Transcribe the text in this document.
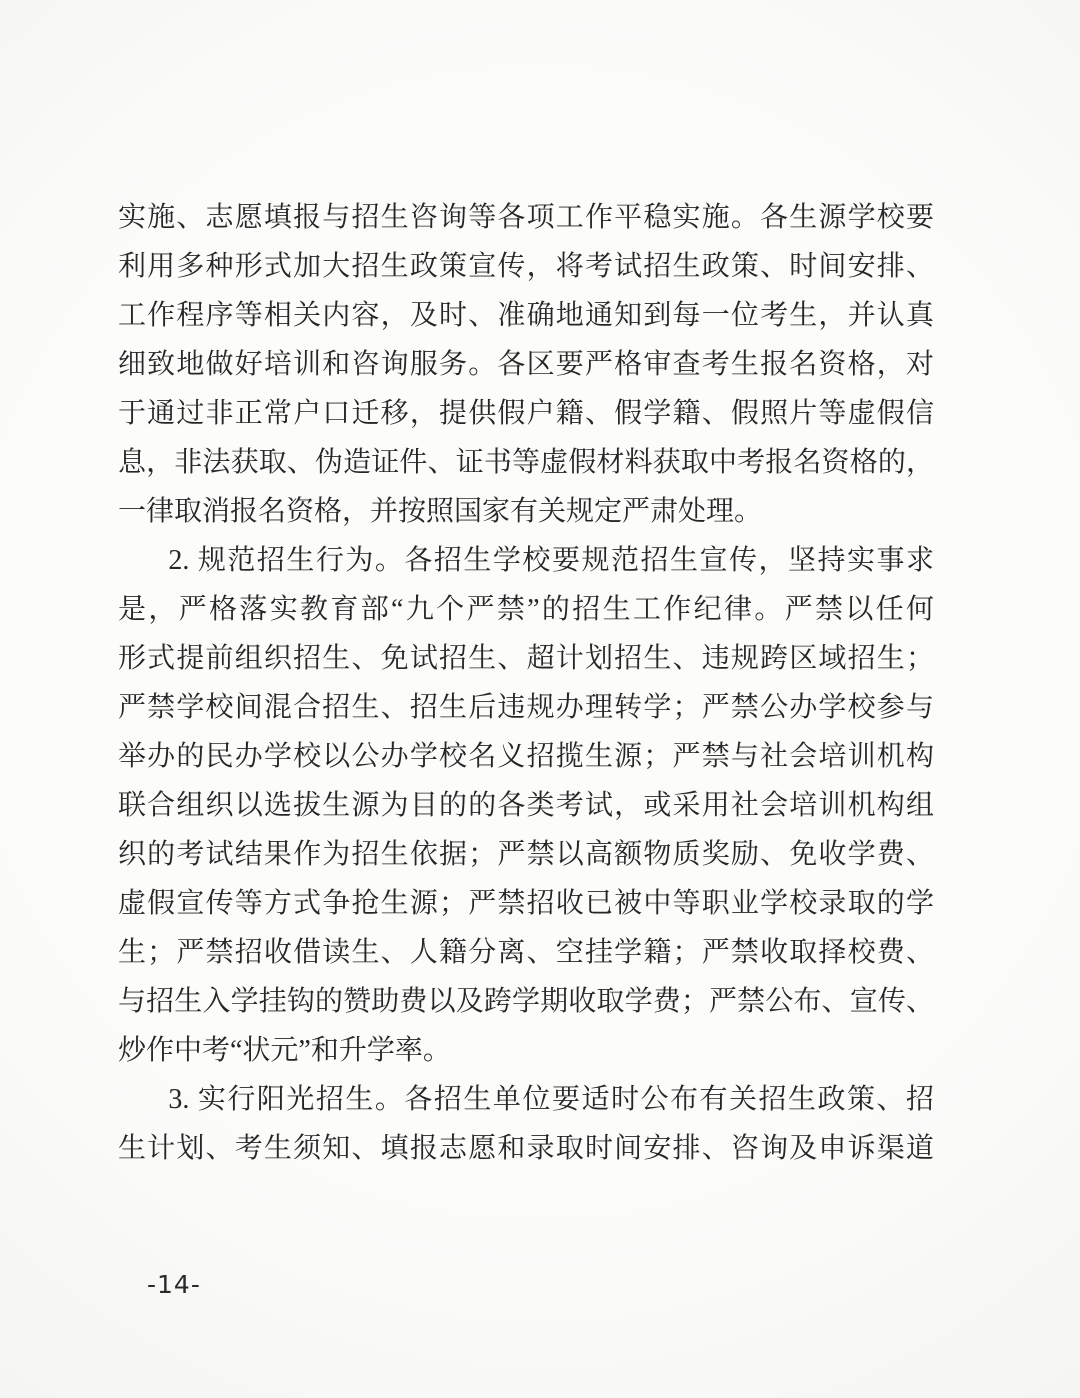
实施、志愿填报与招生咨询等各项工作平稳实施。各生源学校要
利用多种形式加大招生政策宣传，将考试招生政策、时间安排、
工作程序等相关内容，及时、准确地通知到每一位考生，并认真
细致地做好培训和咨询服务。各区要严格审查考生报名资格，对
于通过非正常户口迁移，提供假户籍、假学籍、假照片等虚假信
息，非法获取、伪造证件、证书等虚假材料获取中考报名资格的，
一律取消报名资格，并按照国家有关规定严肃处理。
2. 规范招生行为。各招生学校要规范招生宣传，坚持实事求
是，严格落实教育部“九个严禁”的招生工作纪律。严禁以任何
形式提前组织招生、免试招生、超计划招生、违规跨区域招生；
严禁学校间混合招生、招生后违规办理转学；严禁公办学校参与
举办的民办学校以公办学校名义招揽生源；严禁与社会培训机构
联合组织以选拔生源为目的的各类考试，或采用社会培训机构组
织的考试结果作为招生依据；严禁以高额物质奖励、免收学费、
虚假宣传等方式争抢生源；严禁招收已被中等职业学校录取的学
生；严禁招收借读生、人籍分离、空挂学籍；严禁收取择校费、
与招生入学挂钩的赞助费以及跨学期收取学费；严禁公布、宣传、
炒作中考“状元”和升学率。
3. 实行阳光招生。各招生单位要适时公布有关招生政策、招
生计划、考生须知、填报志愿和录取时间安排、咨询及申诉渠道
-14-
